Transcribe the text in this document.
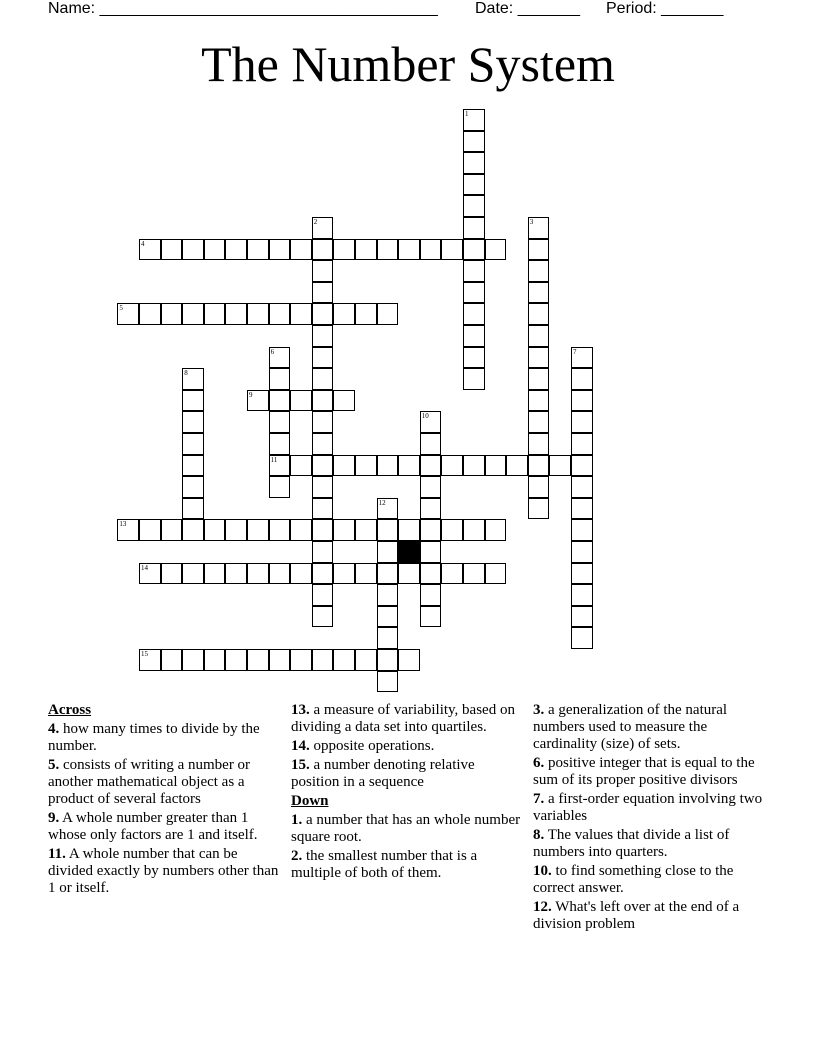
Name: ______________________________________ Date: _______ Period: _______
The Number System
4
5
9
11
13
14
15
1
2	3
6	7
8
10
12
Across
4. how many times to divide by the number.
5. consists of writing a number or another mathematical object as a product of several factors
9. A whole number greater than 1 whose only factors are 1 and itself.
11. A whole number that can be divided exactly by numbers other than 1 or itself.
13. a measure of variability, based on dividing a data set into quartiles.
14. opposite operations.
15. a number denoting relative position in a sequence
Down
1. a number that has an whole number square root.
2. the smallest number that is a multiple of both of them.
3. a generalization of the natural numbers used to measure the cardinality (size) of sets.
6. positive integer that is equal to the sum of its proper positive divisors
7. a first-order equation involving two variables
8. The values that divide a list of numbers into quarters.
10. to find something close to the correct answer.
12. What's left over at the end of a division problem
